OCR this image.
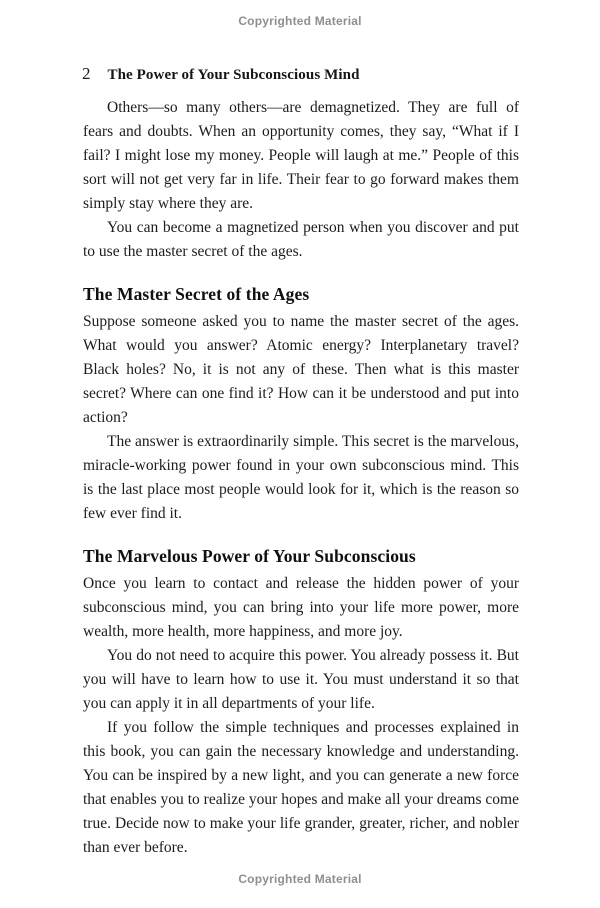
Copyrighted Material
2 The Power of Your Subconscious Mind

Others—so many others—are demagnetized. They are full of fears and doubts. When an opportunity comes, they say, “What if I fail? I might lose my money. People will laugh at me.” People of this sort will not get very far in life. Their fear to go forward makes them simply stay where they are.

You can become a magnetized person when you discover and put to use the master secret of the ages.

The Master Secret of the Ages

Suppose someone asked you to name the master secret of the ages. What would you answer? Atomic energy? Interplanetary travel? Black holes? No, it is not any of these. Then what is this master secret? Where can one find it? How can it be understood and put into action?

The answer is extraordinarily simple. This secret is the marvelous, miracle-working power found in your own subconscious mind. This is the last place most people would look for it, which is the reason so few ever find it.

The Marvelous Power of Your Subconscious

Once you learn to contact and release the hidden power of your subconscious mind, you can bring into your life more power, more wealth, more health, more happiness, and more joy.

You do not need to acquire this power. You already possess it. But you will have to learn how to use it. You must understand it so that you can apply it in all departments of your life.

If you follow the simple techniques and processes explained in this book, you can gain the necessary knowledge and understanding. You can be inspired by a new light, and you can generate a new force that enables you to realize your hopes and make all your dreams come true. Decide now to make your life grander, greater, richer, and nobler than ever before.

Copyrighted Material
